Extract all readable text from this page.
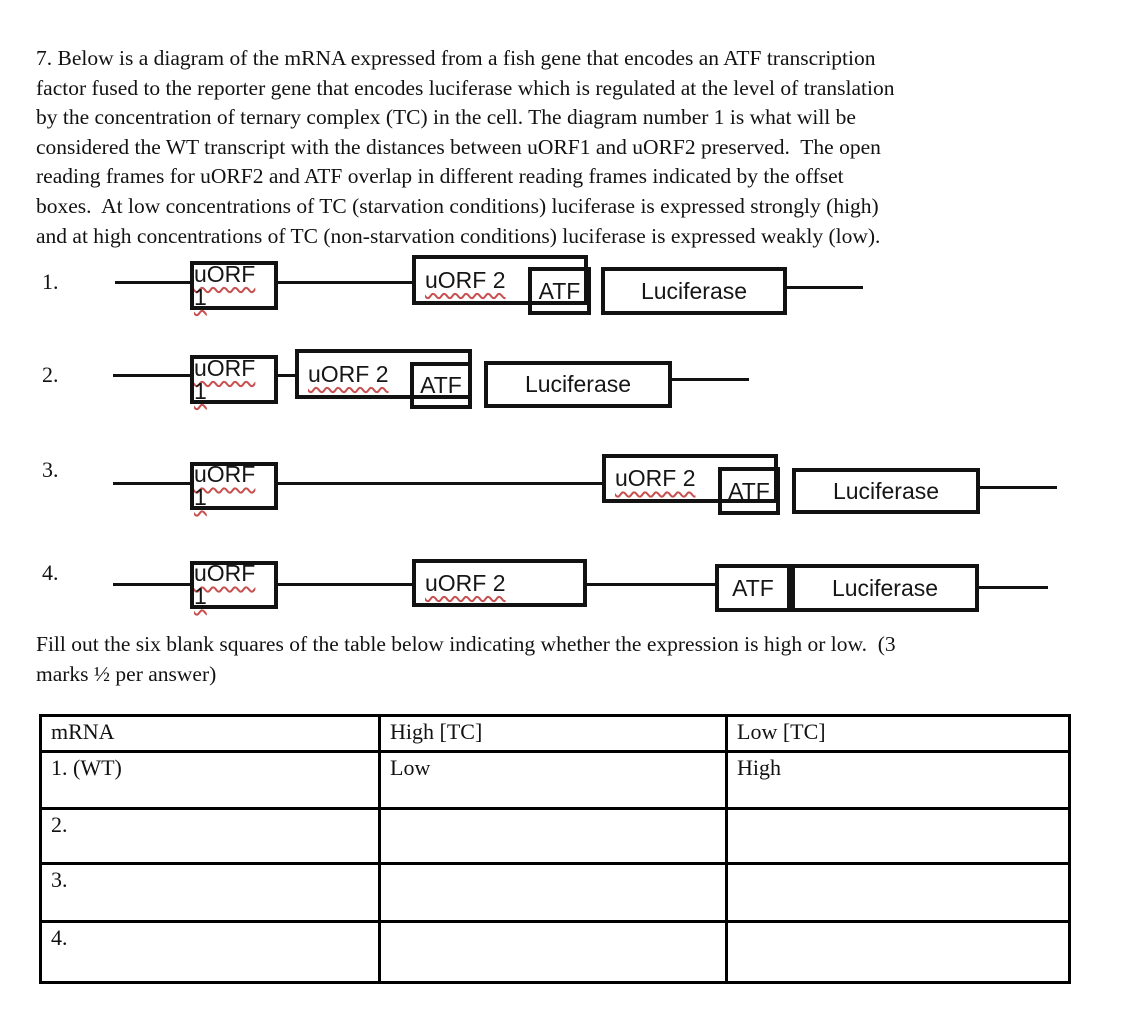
7. Below is a diagram of the mRNA expressed from a fish gene that encodes an ATF transcription
factor fused to the reporter gene that encodes luciferase which is regulated at the level of translation
by the concentration of ternary complex (TC) in the cell. The diagram number 1 is what will be
considered the WT transcript with the distances between uORF1 and uORF2 preserved.  The open
reading frames for uORF2 and ATF overlap in different reading frames indicated by the offset
boxes.  At low concentrations of TC (starvation conditions) luciferase is expressed strongly (high)
and at high concentrations of TC (non-starvation conditions) luciferase is expressed weakly (low).
1.	uORF 1
uORF 2 ATF	Luciferase
2.	uORF 1
uORF 2 ATF	Luciferase
3.	uORF 1
uORF 2 ATF	Luciferase
4.	uORF 1
uORF 2	ATF	Luciferase
Fill out the six blank squares of the table below indicating whether the expression is high or low.  (3
marks ½ per answer)
mRNA	High [TC]	Low [TC]
1. (WT)	Low	High
2.		
3.		
4.		
